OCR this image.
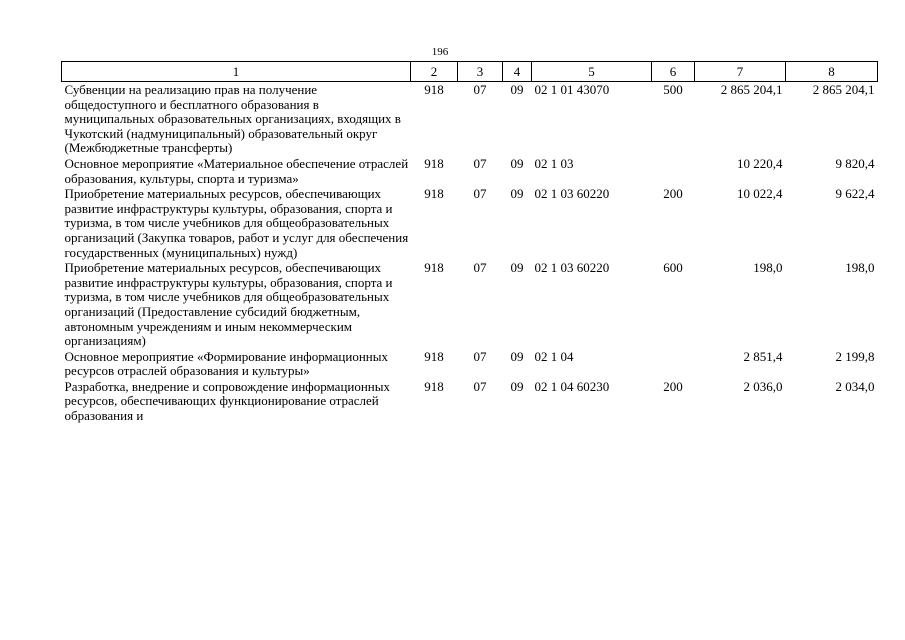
196
1	2	3	4	5	6	7	8
Субвенции на реализацию прав на получение общедоступного и бесплатного образования в муниципальных образовательных организациях, входящих в Чукотский (надмуниципальный) образовательный округ (Межбюджетные трансферты)	918	07	09	02 1 01 43070	500	2 865 204,1	2 865 204,1
Основное мероприятие «Материальное обеспечение отраслей образования, культуры, спорта и туризма»	918	07	09	02 1 03		10 220,4	9 820,4
Приобретение материальных ресурсов, обеспечивающих развитие инфраструктуры культуры, образования, спорта и туризма, в том числе учебников для общеобразовательных организаций (Закупка товаров, работ и услуг для обеспечения государственных (муниципальных) нужд)	918	07	09	02 1 03 60220	200	10 022,4	9 622,4
Приобретение материальных ресурсов, обеспечивающих развитие инфраструктуры культуры, образования, спорта и туризма, в том числе учебников для общеобразовательных организаций (Предоставление субсидий бюджетным, автономным учреждениям и иным некоммерческим организациям)	918	07	09	02 1 03 60220	600	198,0	198,0
Основное мероприятие «Формирование информационных ресурсов отраслей образования и культуры»	918	07	09	02 1 04		2 851,4	2 199,8
Разработка, внедрение и сопровождение информационных ресурсов, обеспечивающих функционирование отраслей образования и	918	07	09	02 1 04 60230	200	2 036,0	2 034,0
